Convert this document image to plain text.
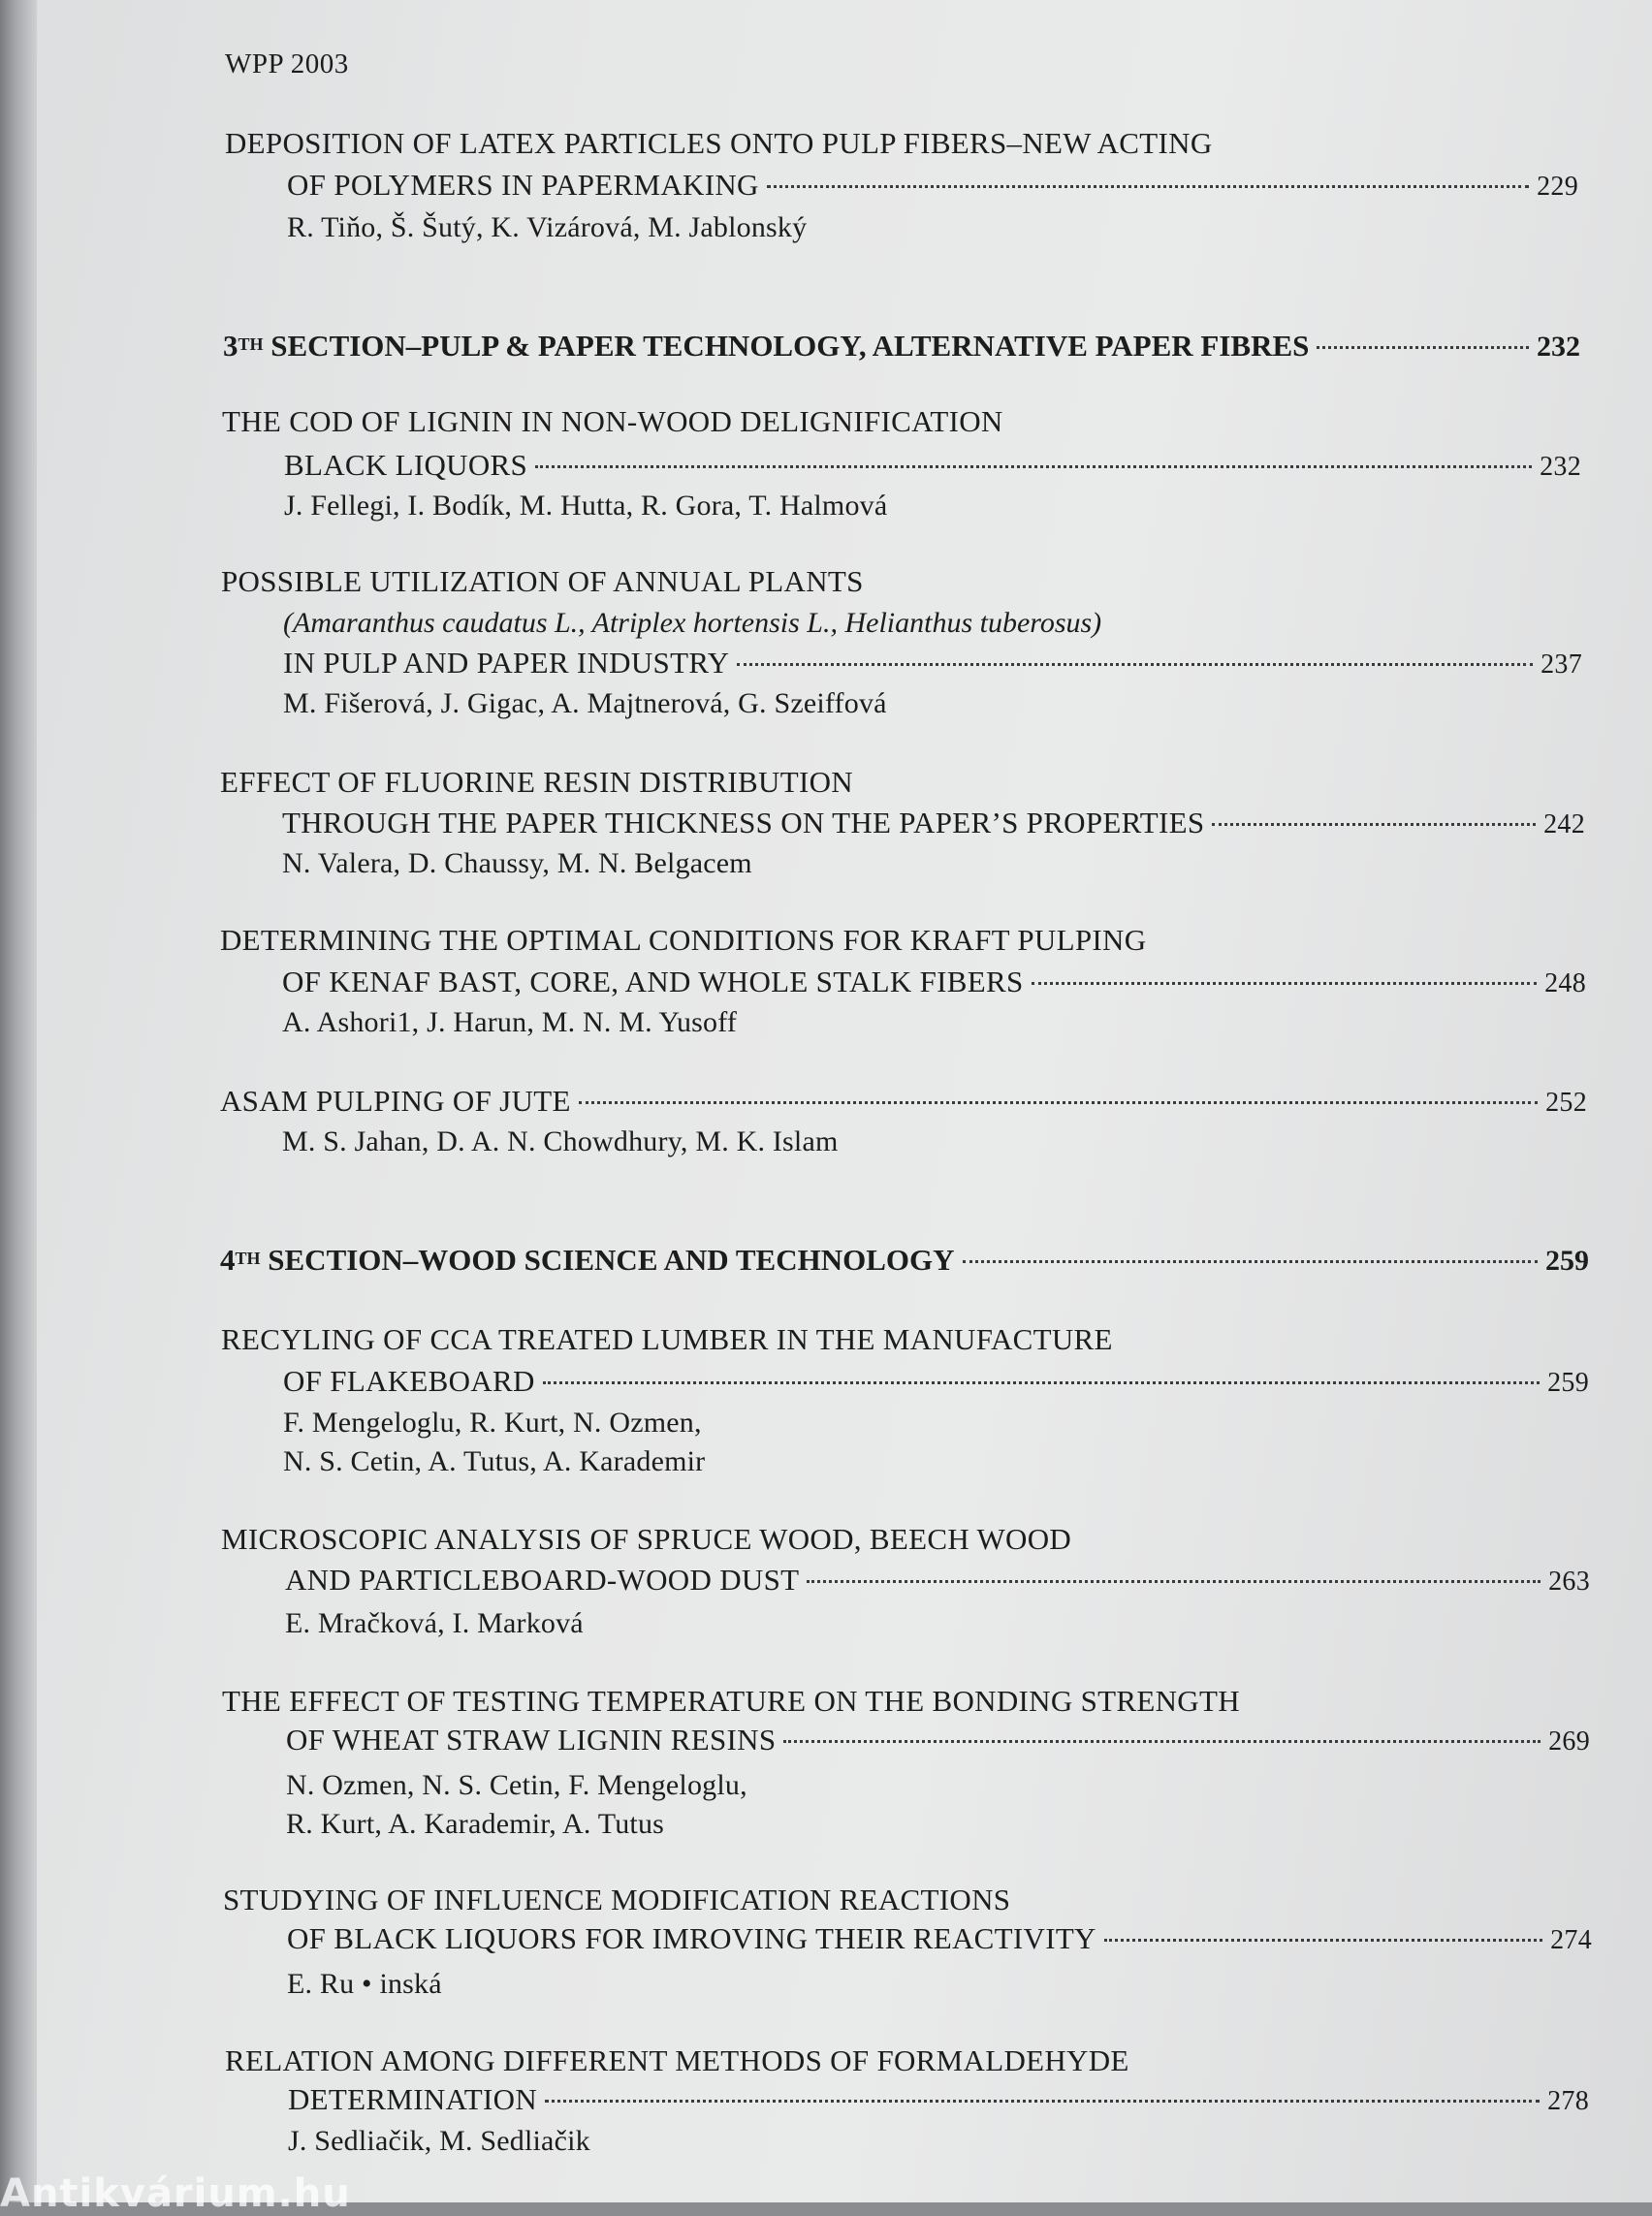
WPP 2003
DEPOSITION OF LATEX PARTICLES ONTO PULP FIBERS–NEW ACTING
OF POLYMERS IN PAPERMAKING	229
R. Tiňo, Š. Šutý, K. Vizárová, M. Jablonský
3TH SECTION–PULP & PAPER TECHNOLOGY, ALTERNATIVE PAPER FIBRES	232
THE COD OF LIGNIN IN NON-WOOD DELIGNIFICATION
BLACK LIQUORS	232
J. Fellegi, I. Bodík, M. Hutta, R. Gora, T. Halmová
POSSIBLE UTILIZATION OF ANNUAL PLANTS
(Amaranthus caudatus L., Atriplex hortensis L., Helianthus tuberosus)
IN PULP AND PAPER INDUSTRY	237
M. Fišerová, J. Gigac, A. Majtnerová, G. Szeiffová
EFFECT OF FLUORINE RESIN DISTRIBUTION
THROUGH THE PAPER THICKNESS ON THE PAPER’S PROPERTIES	242
N. Valera, D. Chaussy, M. N. Belgacem
DETERMINING THE OPTIMAL CONDITIONS FOR KRAFT PULPING
OF KENAF BAST, CORE, AND WHOLE STALK FIBERS	248
A. Ashori1, J. Harun, M. N. M. Yusoff
ASAM PULPING OF JUTE	252
M. S. Jahan, D. A. N. Chowdhury, M. K. Islam
4TH SECTION–WOOD SCIENCE AND TECHNOLOGY	259
RECYLING OF CCA TREATED LUMBER IN THE MANUFACTURE
OF FLAKEBOARD	259
F. Mengeloglu, R. Kurt, N. Ozmen,
N. S. Cetin, A. Tutus, A. Karademir
MICROSCOPIC ANALYSIS OF SPRUCE WOOD, BEECH WOOD
AND PARTICLEBOARD-WOOD DUST	263
E. Mračková, I. Marková
THE EFFECT OF TESTING TEMPERATURE ON THE BONDING STRENGTH
OF WHEAT STRAW LIGNIN RESINS	269
N. Ozmen, N. S. Cetin, F. Mengeloglu,
R. Kurt, A. Karademir, A. Tutus
STUDYING OF INFLUENCE MODIFICATION REACTIONS
OF BLACK LIQUORS FOR IMROVING THEIR REACTIVITY	274
E. Ru • inská
RELATION AMONG DIFFERENT METHODS OF FORMALDEHYDE
DETERMINATION	278
J. Sedliačik, M. Sedliačik
Antikvárium.hu
